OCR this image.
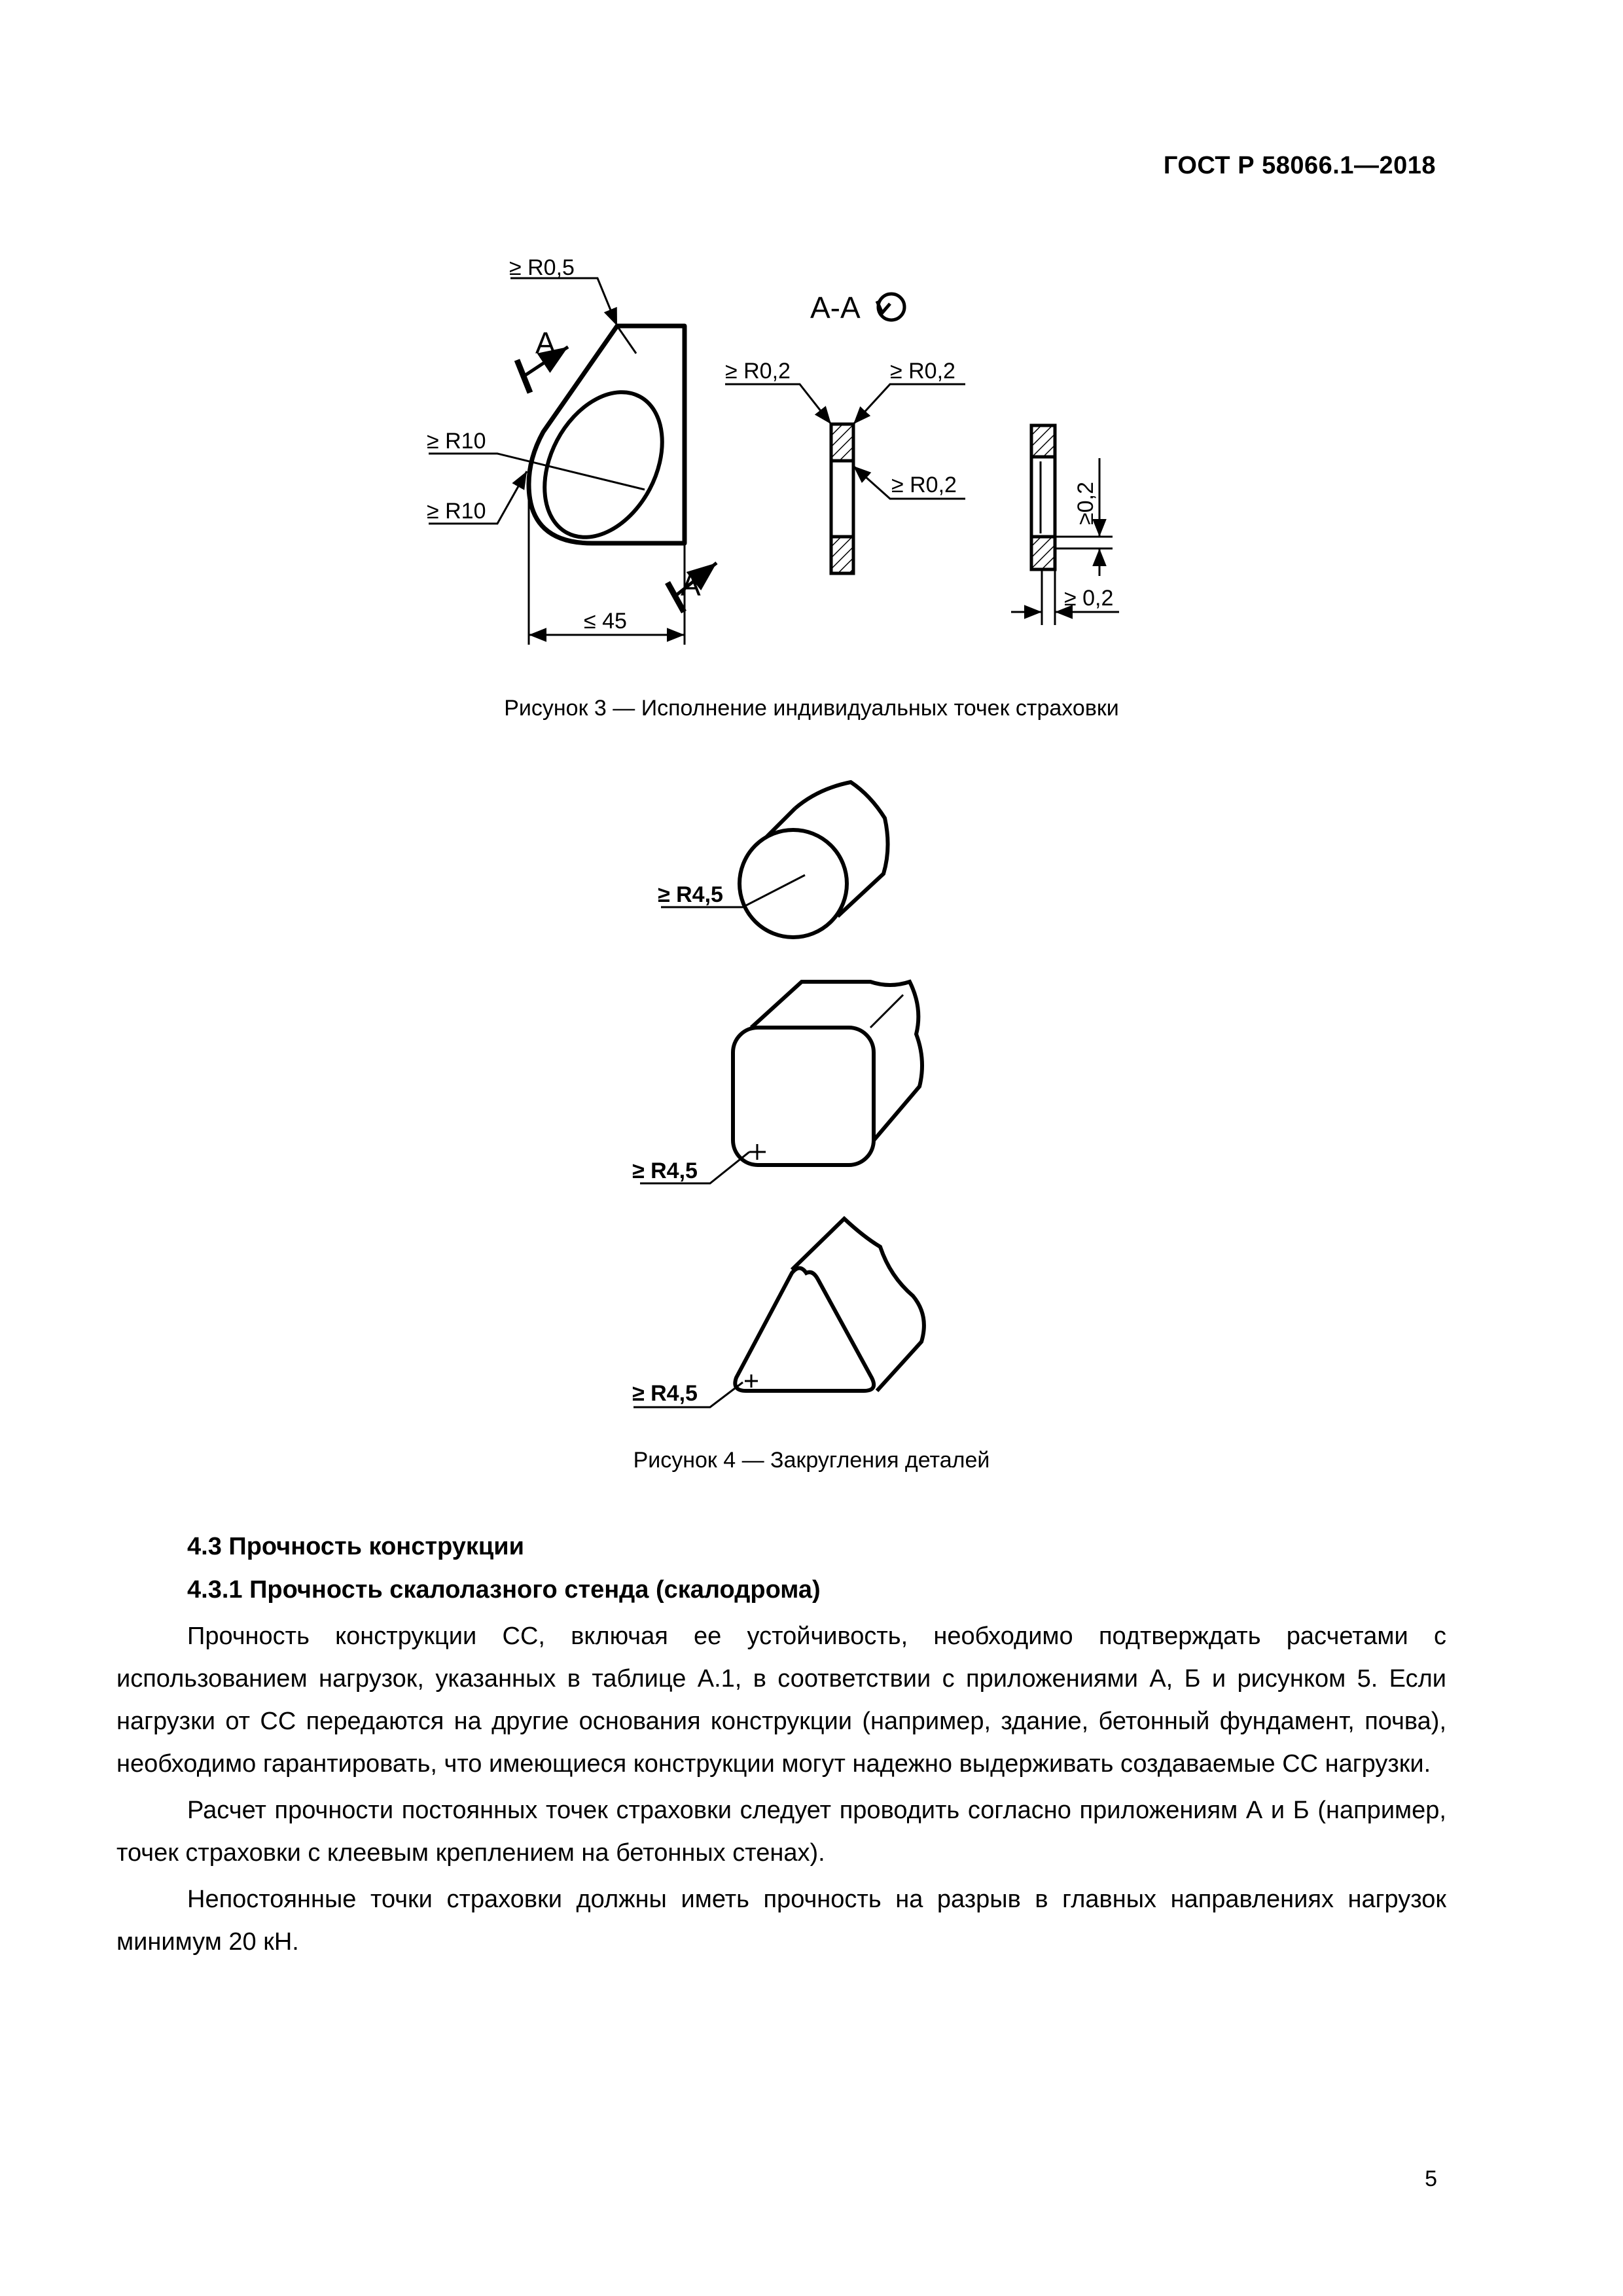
ГОСТ Р 58066.1—2018
≥ R0,5
А
А
≥ R10
≥ R10
≤ 45
А-А
≥ R0,2	≥ R0,2
≥ R0,2	≥0,2
≥ 0,2
≥ R4,5
≥ R4,5
≥ R4,5
Рисунок 3 — Исполнение индивидуальных точек страховки
Рисунок 4 — Закругления деталей
4.3 Прочность конструкции
4.3.1 Прочность скалолазного стенда (скалодрома)

Прочность конструкции СС, включая ее устойчивость, необходимо подтверждать расчетами с использованием нагрузок, указанных в таблице А.1, в соответствии с приложениями А, Б и рисунком 5. Если нагрузки от СС передаются на другие основания конструкции (например, здание, бетонный фундамент, почва), необходимо гарантировать, что имеющиеся конструкции могут надежно выдерживать создаваемые СС нагрузки.

Расчет прочности постоянных точек страховки следует проводить согласно приложениям А и Б (например, точек страховки с клеевым креплением на бетонных стенах).

Непостоянные точки страховки должны иметь прочность на разрыв в главных направлениях нагрузок минимум 20 кН.

5
